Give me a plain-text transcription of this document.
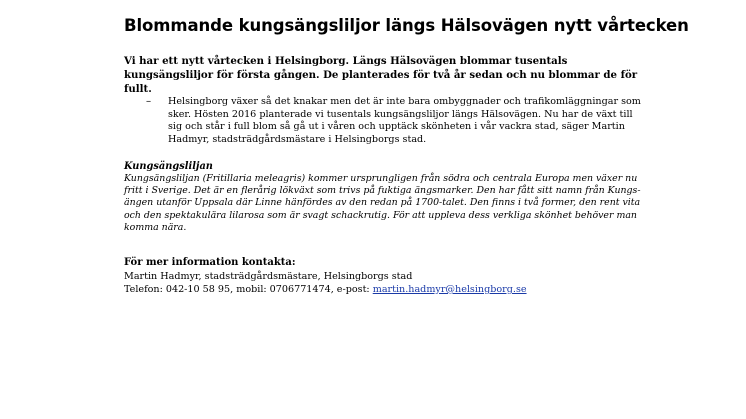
Blommande kungsängsliljor längs Hälsovägen nytt vårtecken

Vi har ett nytt vårtecken i Helsingborg. Längs Hälsovägen blommar tusentals kungsängsliljor för första gången. De planterades för två år sedan och nu blommar de för fullt.

– Helsingborg växer så det knakar men det är inte bara ombyggnader och trafikomläggningar som sker. Hösten 2016 planterade vi tusentals kungsängsliljor längs Hälsovägen. Nu har de växt till sig och står i full blom så gå ut i våren och upptäck skönheten i vår vackra stad, säger Martin Hadmyr, stadsträdgårdsmästare i Helsingborgs stad.

Kungsängsliljan

Kungsängsliljan (Fritillaria meleagris) kommer ursprungligen från södra och centrala Europa men växer nu fritt i Sverige. Det är en flerårig lökväxt som trivs på fuktiga ängsmarker. Den har fått sitt namn från Kungs-ängen utanför Uppsala där Linne hänfördes av den redan på 1700-talet. Den finns i två former, den rent vita och den spektakulära lilarosa som är svagt schackrutig. För att uppleva dess verkliga skönhet behöver man komma nära.

För mer information kontakta:

Martin Hadmyr, stadsträdgårdsmästare, Helsingborgs stad

Telefon: 042-10 58 95, mobil: 0706771474, e-post: martin.hadmyr@helsingborg.se
